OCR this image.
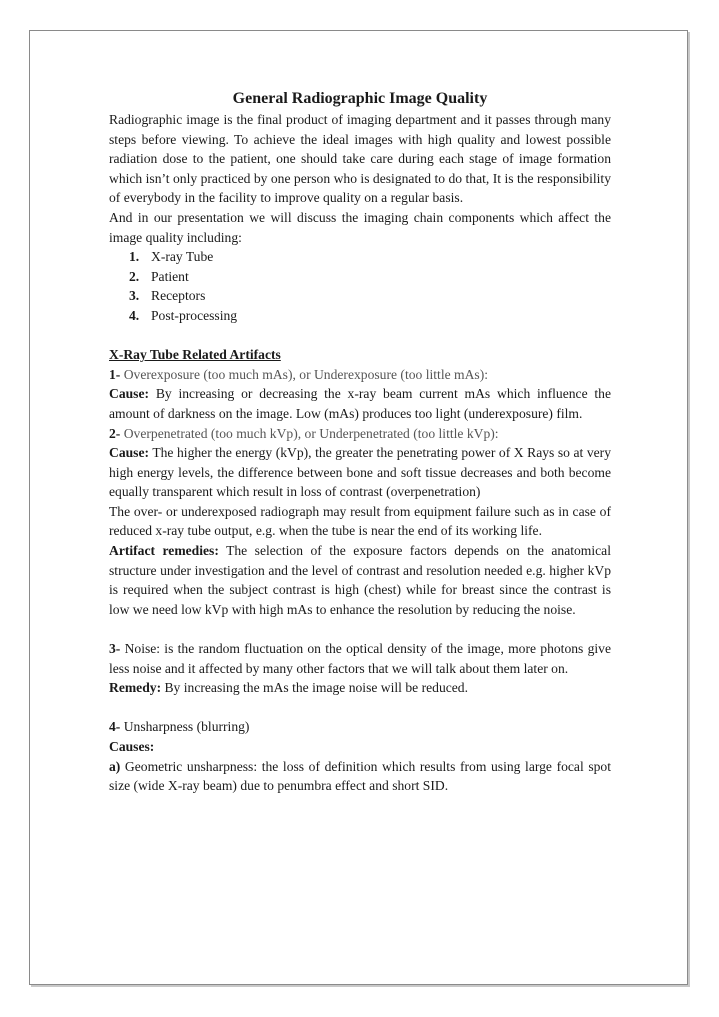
General Radiographic Image Quality

Radiographic image is the final product of imaging department and it passes through many steps before viewing. To achieve the ideal images with high quality and lowest possible radiation dose to the patient, one should take care during each stage of image formation which isn’t only practiced by one person who is designated to do that, It is the responsibility of everybody in the facility to improve quality on a regular basis.

And in our presentation we will discuss the imaging chain components which affect the image quality including:

1. X-ray Tube
2. Patient
3. Receptors
4. Post-processing

X-Ray Tube Related Artifacts

1- Overexposure (too much mAs), or Underexposure (too little mAs):

Cause: By increasing or decreasing the x-ray beam current mAs which influence the amount of darkness on the image. Low (mAs) produces too light (underexposure) film.

2- Overpenetrated (too much kVp), or Underpenetrated (too little kVp):

Cause: The higher the energy (kVp), the greater the penetrating power of X Rays so at very high energy levels, the difference between bone and soft tissue decreases and both become equally transparent which result in loss of contrast (overpenetration)

The over- or underexposed radiograph may result from equipment failure such as in case of reduced x-ray tube output, e.g. when the tube is near the end of its working life.

Artifact remedies: The selection of the exposure factors depends on the anatomical structure under investigation and the level of contrast and resolution needed e.g. higher kVp is required when the subject contrast is high (chest) while for breast since the contrast is low we need low kVp with high mAs to enhance the resolution by reducing the noise.

3- Noise: is the random fluctuation on the optical density of the image, more photons give less noise and it affected by many other factors that we will talk about them later on.

Remedy: By increasing the mAs the image noise will be reduced.

4- Unsharpness (blurring)

Causes:

a) Geometric unsharpness: the loss of definition which results from using large focal spot size (wide X-ray beam) due to penumbra effect and short SID.
